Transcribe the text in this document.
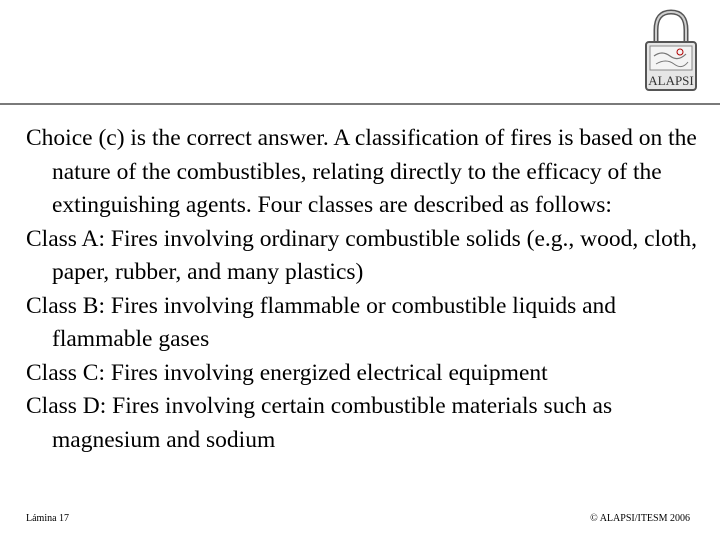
ALAPSI

Choice (c) is the correct answer. A classification of fires is based on the nature of the combustibles, relating directly to the efficacy of the extinguishing agents. Four classes are described as follows:

Class A: Fires involving ordinary combustible solids (e.g., wood, cloth, paper, rubber, and many plastics)

Class B: Fires involving flammable or combustible liquids and flammable gases

Class C: Fires involving energized electrical equipment

Class D: Fires involving certain combustible materials such as magnesium and sodium

Lámina 17	© ALAPSI/ITESM 2006
